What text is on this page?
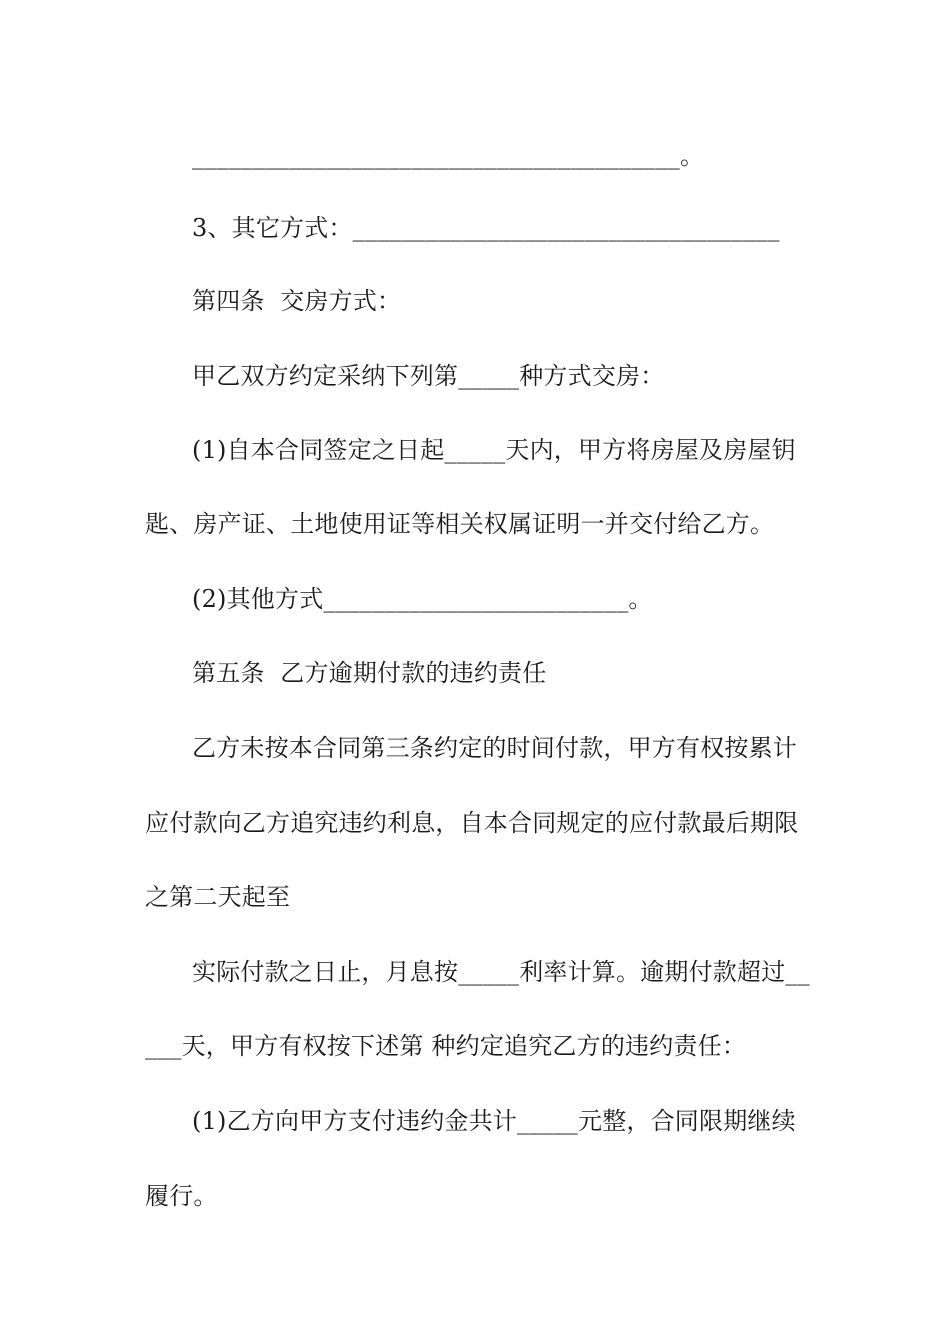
________________________________________。
3、其它方式：___________________________________
第四条  交房方式：
甲乙双方约定采纳下列第_____种方式交房：
(1)自本合同签定之日起_____天内，甲方将房屋及房屋钥
匙、房产证、土地使用证等相关权属证明一并交付给乙方。
(2)其他方式_________________________。
第五条  乙方逾期付款的违约责任
乙方未按本合同第三条约定的时间付款，甲方有权按累计
应付款向乙方追究违约利息，自本合同规定的应付款最后期限
之第二天起至
实际付款之日止，月息按_____利率计算。逾期付款超过__
___天，甲方有权按下述第 种约定追究乙方的违约责任：
(1)乙方向甲方支付违约金共计_____元整，合同限期继续
履行。
